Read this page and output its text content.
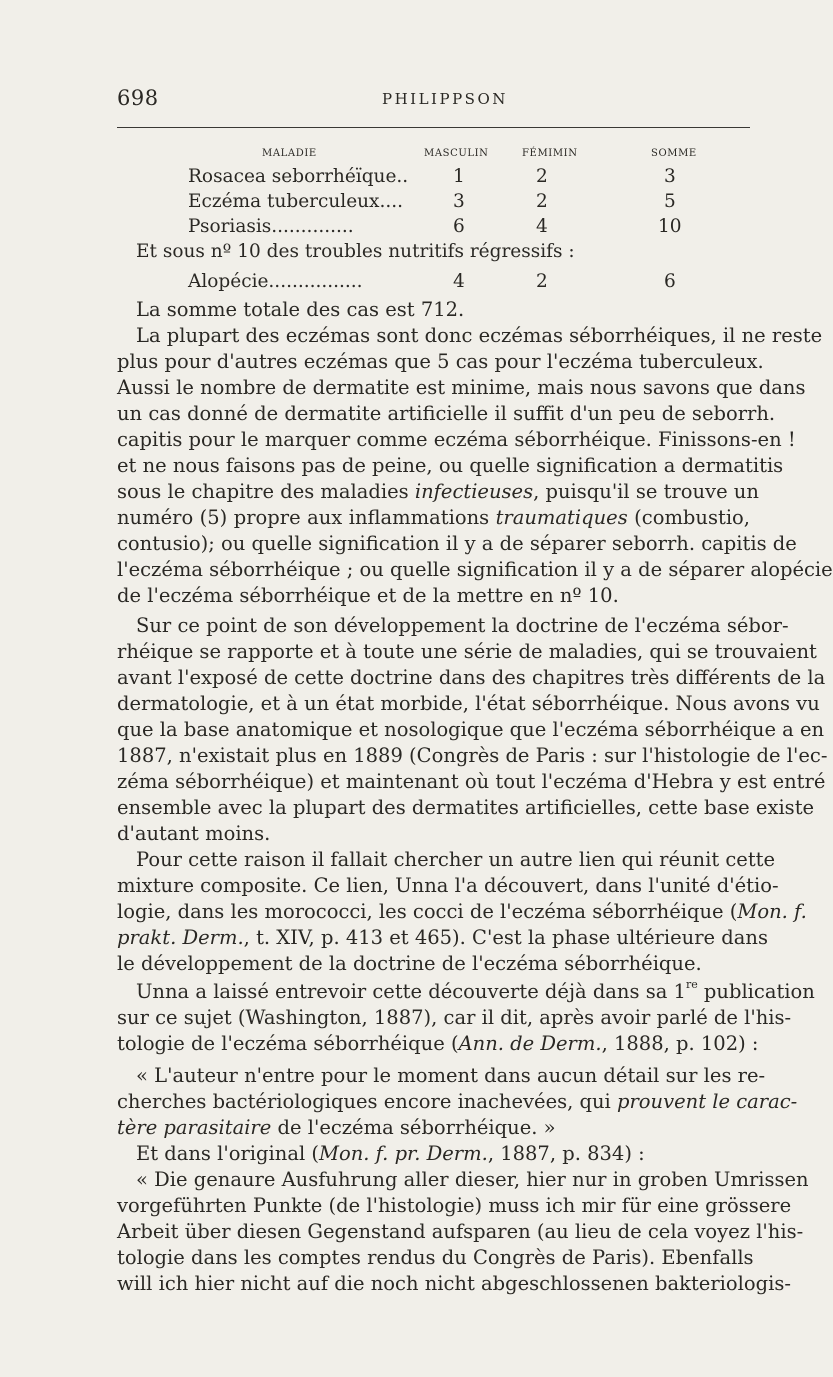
698	PHILIPPSON
MALADIE	MASCULIN	FÉMIMIN	SOMME
Rosacea seborrhéïque.. 1	2	3
Eczéma tuberculeux....	3	2	5
Psoriasis..............	6	4	10
Et sous nº 10 des troubles nutritifs régressifs :
Alopécie................	4	2	6
La somme totale des cas est 712.
La plupart des eczémas sont donc eczémas séborrhéiques, il ne reste
plus pour d'autres eczémas que 5 cas pour l'eczéma tuberculeux.
Aussi le nombre de dermatite est minime, mais nous savons que dans
un cas donné de dermatite artificielle il suffit d'un peu de seborrh.
capitis pour le marquer comme eczéma séborrhéique. Finissons-en !
et ne nous faisons pas de peine, ou quelle signification a dermatitis
sous le chapitre des maladies infectieuses, puisqu'il se trouve un
numéro (5) propre aux inflammations traumatiques (combustio,
contusio); ou quelle signification il y a de séparer seborrh. capitis de
l'eczéma séborrhéique ; ou quelle signification il y a de séparer alopécie
de l'eczéma séborrhéique et de la mettre en nº 10.
Sur ce point de son développement la doctrine de l'eczéma sébor-
rhéique se rapporte et à toute une série de maladies, qui se trouvaient
avant l'exposé de cette doctrine dans des chapitres très différents de la
dermatologie, et à un état morbide, l'état séborrhéique. Nous avons vu
que la base anatomique et nosologique que l'eczéma séborrhéique a en
1887, n'existait plus en 1889 (Congrès de Paris : sur l'histologie de l'ec-
zéma séborrhéique) et maintenant où tout l'eczéma d'Hebra y est entré
ensemble avec la plupart des dermatites artificielles, cette base existe
d'autant moins.
Pour cette raison il fallait chercher un autre lien qui réunit cette
mixture composite. Ce lien, Unna l'a découvert, dans l'unité d'étio-
logie, dans les morococci, les cocci de l'eczéma séborrhéique (Mon. f.
prakt. Derm., t. XIV, p. 413 et 465). C'est la phase ultérieure dans
le développement de la doctrine de l'eczéma séborrhéique.
Unna a laissé entrevoir cette découverte déjà dans sa 1re publication
sur ce sujet (Washington, 1887), car il dit, après avoir parlé de l'his-
tologie de l'eczéma séborrhéique (Ann. de Derm., 1888, p. 102) :
« L'auteur n'entre pour le moment dans aucun détail sur les re-
cherches bactériologiques encore inachevées, qui prouvent le carac-
tère parasitaire de l'eczéma séborrhéique. »
Et dans l'original (Mon. f. pr. Derm., 1887, p. 834) :
« Die genaure Ausfuhrung aller dieser, hier nur in groben Umrissen
vorgeführten Punkte (de l'histologie) muss ich mir für eine grössere
Arbeit über diesen Gegenstand aufsparen (au lieu de cela voyez l'his-
tologie dans les comptes rendus du Congrès de Paris). Ebenfalls
will ich hier nicht auf die noch nicht abgeschlossenen bakteriologis-
